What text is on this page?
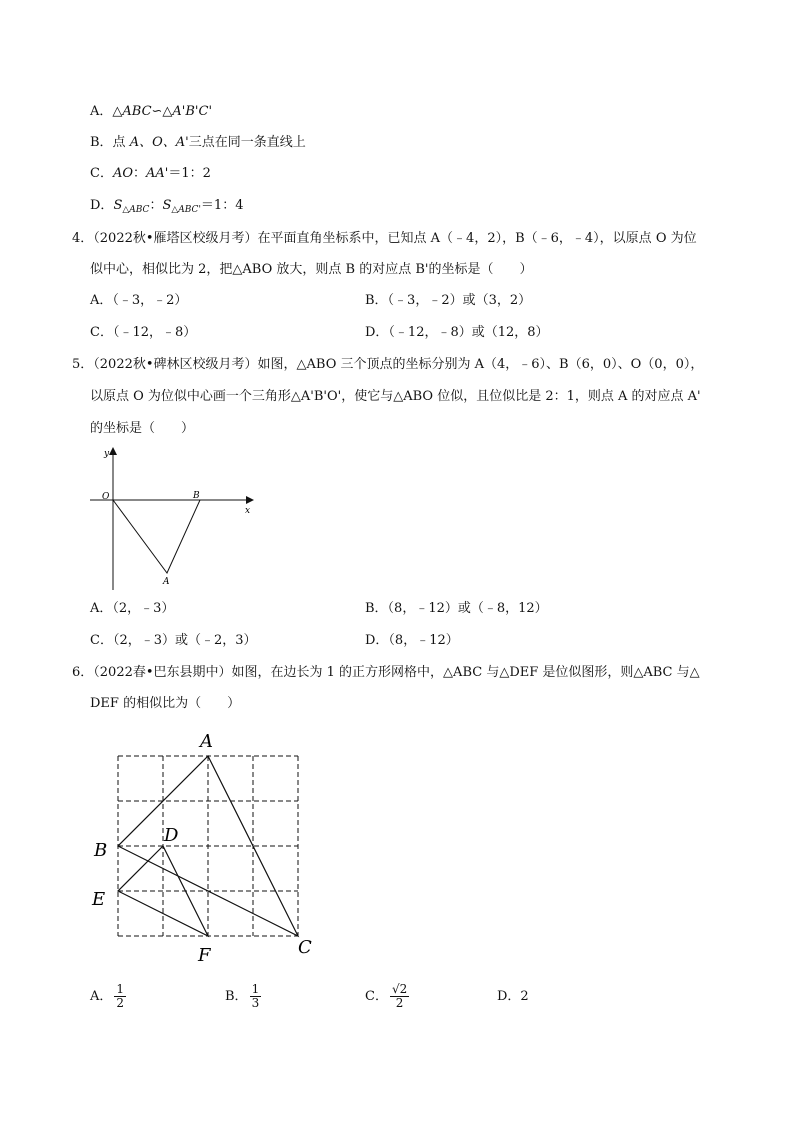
A．△ABC∽△A'B'C'
B．点 A、O、A'三点在同一条直线上
C．AO：AA'＝1：2
D．$S_{\triangle ABC}$：$S_{\triangle ABC'}=1$：4
4．（2022秋•雁塔区校级月考）在平面直角坐标系中，已知点 A（﹣4，2），B（﹣6，﹣4），以原点 O 为位
似中心，相似比为 2，把△ABO 放大，则点 B 的对应点 B'的坐标是（　　）
A．（﹣3，﹣2）	B．（﹣3，﹣2）或（3，2）
C．（﹣12，﹣8）	D．（﹣12，﹣8）或（12，8）
5．（2022秋•碑林区校级月考）如图，△ABO 三个顶点的坐标分别为 A（4，﹣6）、B（6，0）、O（0，0），
以原点 O 为位似中心画一个三角形△A'B'O'，使它与△ABO 位似，且位似比是 2：1，则点 A 的对应点 A'
的坐标是（　　）
y
x
O	B
A
A．（2，﹣3）	B．（8，﹣12）或（﹣8，12）
C．（2，﹣3）或（﹣2，3）	D．（8，﹣12）
6．（2022春•巴东县期中）如图，在边长为 1 的正方形网格中，△ABC 与△DEF 是位似图形，则△ABC 与△
DEF 的相似比为（　　）
A
B
C
D
E
F
A． $\frac{1}{2}$	B． $\frac{1}{3}$	C． $\frac{√2}{2}$	D．2
